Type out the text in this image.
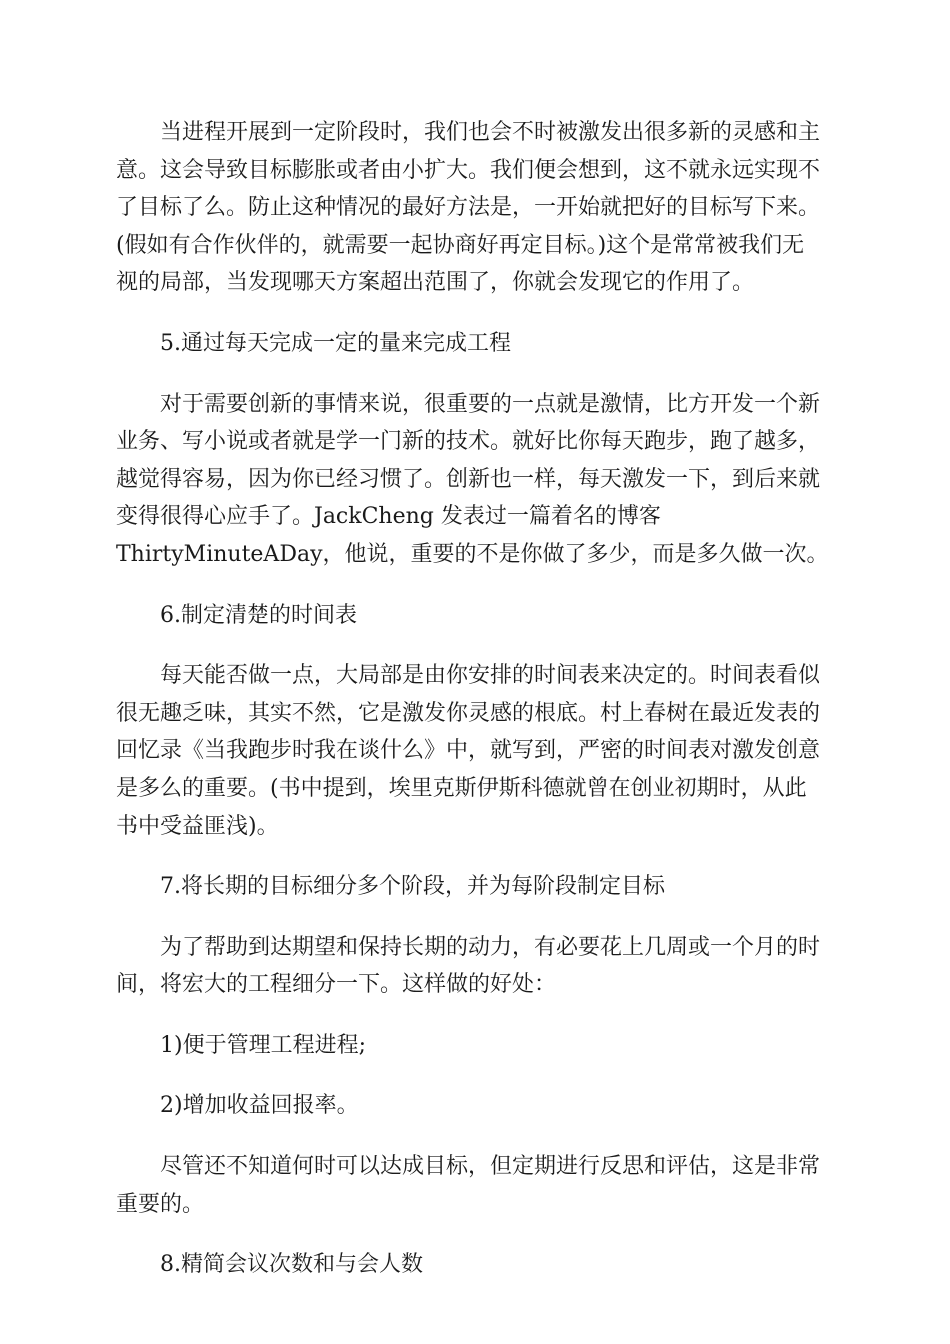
当进程开展到一定阶段时，我们也会不时被激发出很多新的灵感和主
意。这会导致目标膨胀或者由小扩大。我们便会想到，这不就永远实现不
了目标了么。防止这种情况的最好方法是，一开始就把好的目标写下来。
(假如有合作伙伴的，就需要一起协商好再定目标。)这个是常常被我们无
视的局部，当发现哪天方案超出范围了，你就会发现它的作用了。

5.通过每天完成一定的量来完成工程

对于需要创新的事情来说，很重要的一点就是激情，比方开发一个新
业务、写小说或者就是学一门新的技术。就好比你每天跑步，跑了越多，
越觉得容易，因为你已经习惯了。创新也一样，每天激发一下，到后来就
变得很得心应手了。JackCheng 发表过一篇着名的博客
ThirtyMinuteADay，他说，重要的不是你做了多少，而是多久做一次。

6.制定清楚的时间表

每天能否做一点，大局部是由你安排的时间表来决定的。时间表看似
很无趣乏味，其实不然，它是激发你灵感的根底。村上春树在最近发表的
回忆录《当我跑步时我在谈什么》中，就写到，严密的时间表对激发创意
是多么的重要。(书中提到，埃里克斯伊斯科德就曾在创业初期时，从此
书中受益匪浅)。

7.将长期的目标细分多个阶段，并为每阶段制定目标

为了帮助到达期望和保持长期的动力，有必要花上几周或一个月的时
间，将宏大的工程细分一下。这样做的好处：

1)便于管理工程进程;

2)增加收益回报率。

尽管还不知道何时可以达成目标，但定期进行反思和评估，这是非常
重要的。

8.精简会议次数和与会人数
